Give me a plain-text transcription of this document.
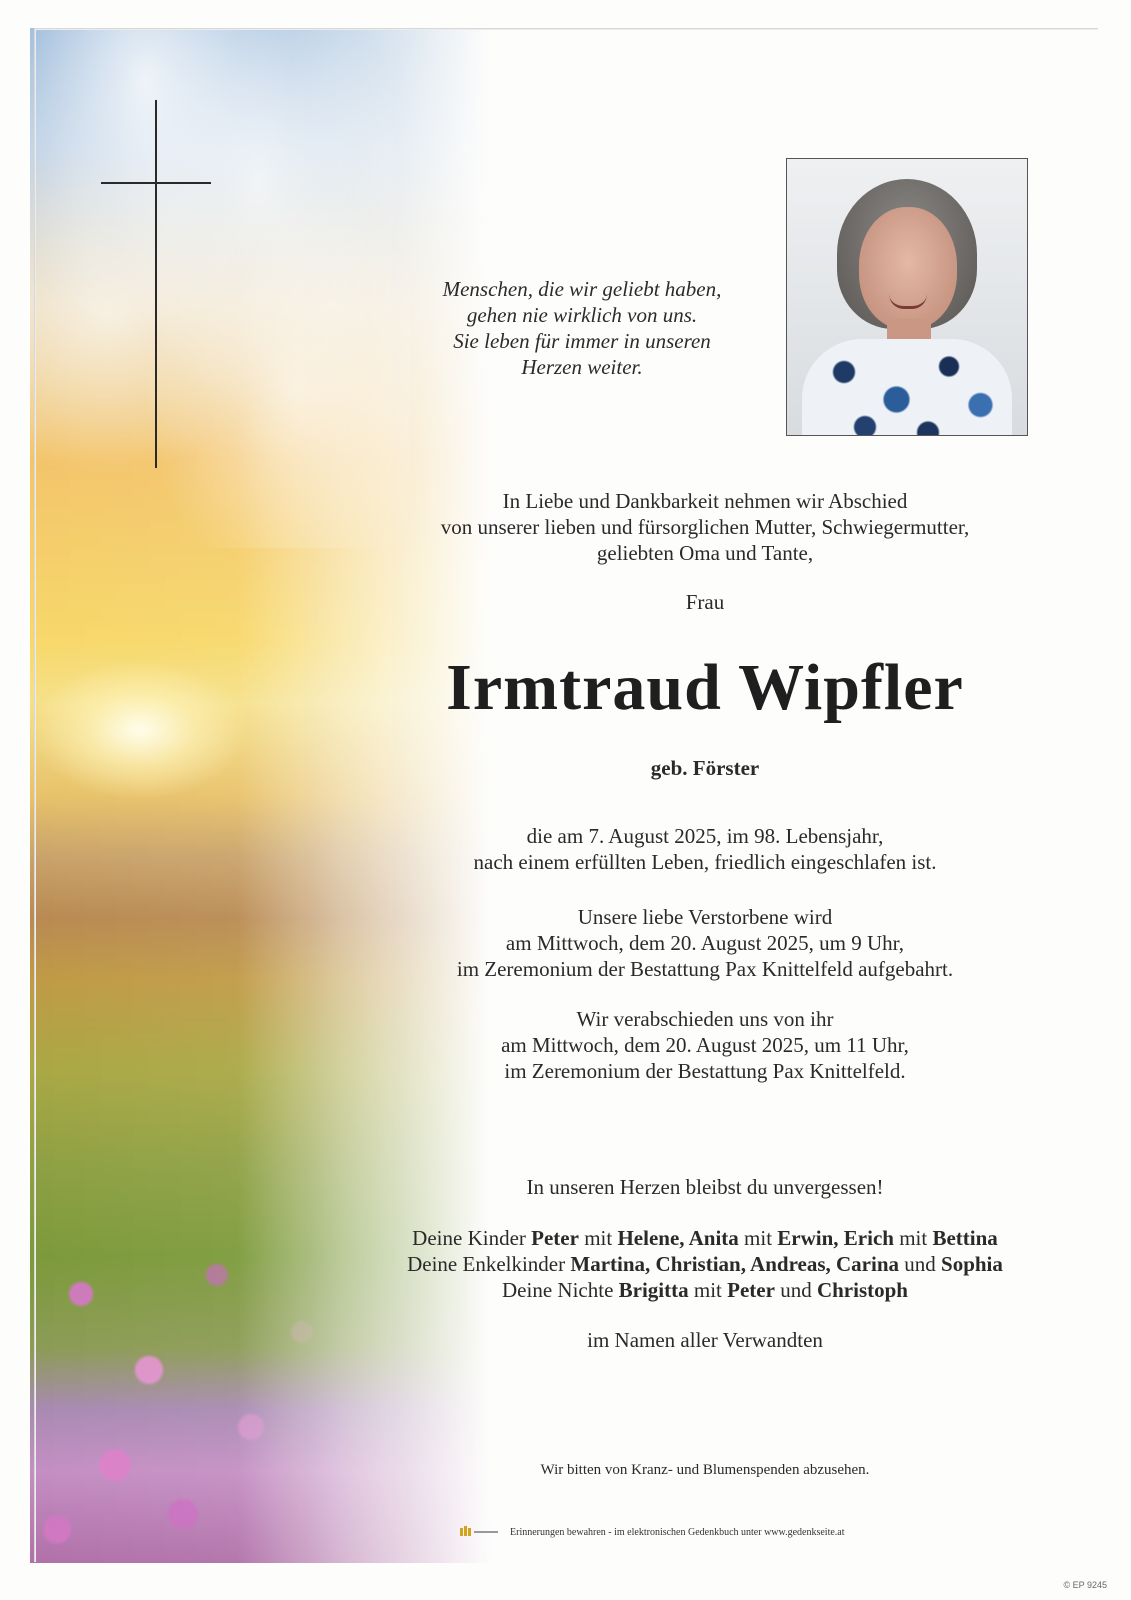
Menschen, die wir geliebt haben,
gehen nie wirklich von uns.
Sie leben für immer in unseren
Herzen weiter.
In Liebe und Dankbarkeit nehmen wir Abschied
von unserer lieben und fürsorglichen Mutter, Schwiegermutter,
geliebten Oma und Tante,
Frau
Irmtraud Wipfler
geb. Förster
die am 7. August 2025, im 98. Lebensjahr,
nach einem erfüllten Leben, friedlich eingeschlafen ist.
Unsere liebe Verstorbene wird
am Mittwoch, dem 20. August 2025, um 9 Uhr,
im Zeremonium der Bestattung Pax Knittelfeld aufgebahrt.
Wir verabschieden uns von ihr
am Mittwoch, dem 20. August 2025, um 11 Uhr,
im Zeremonium der Bestattung Pax Knittelfeld.
In unseren Herzen bleibst du unvergessen!
Deine Kinder Peter mit Helene, Anita mit Erwin, Erich mit Bettina
Deine Enkelkinder Martina, Christian, Andreas, Carina und Sophia
Deine Nichte Brigitta mit Peter und Christoph
im Namen aller Verwandten
Wir bitten von Kranz- und Blumenspenden abzusehen.
Erinnerungen bewahren - im elektronischen Gedenkbuch unter www.gedenkseite.at
© EP 9245
